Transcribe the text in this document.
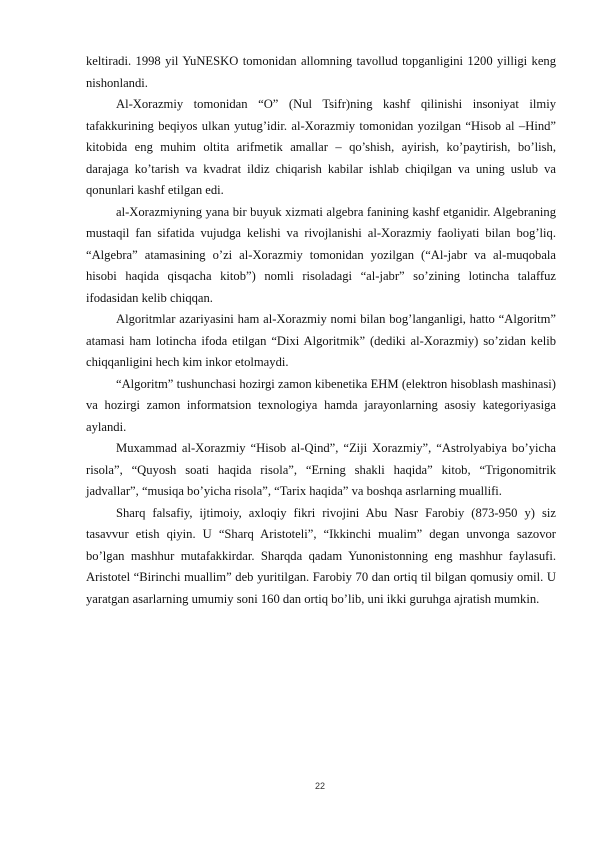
keltiradi. 1998 yil YuNESKO tomonidan allomning tavollud topganligini 1200 yilligi keng nishonlandi.

Al-Xorazmiy tomonidan “O” (Nul Tsifr)ning kashf qilinishi insoniyat ilmiy tafakkurining beqiyos ulkan yutug’idir. al-Xorazmiy tomonidan yozilgan “Hisob al –Hind” kitobida eng muhim oltita arifmetik amallar – qo’shish, ayirish, ko’paytirish, bo’lish, darajaga ko’tarish va kvadrat ildiz chiqarish kabilar ishlab chiqilgan va uning uslub va qonunlari kashf etilgan edi.

al-Xorazmiyning yana bir buyuk xizmati algebra fanining kashf etganidir. Algebraning mustaqil fan sifatida vujudga kelishi va rivojlanishi al-Xorazmiy faoliyati bilan bog’liq. “Algebra” atamasining o’zi al-Xorazmiy tomonidan yozilgan (“Al-jabr va al-muqobala hisobi haqida qisqacha kitob”) nomli risoladagi “al-jabr” so’zining lotincha talaffuz ifodasidan kelib chiqqan.

Algoritmlar azariyasini ham al-Xorazmiy nomi bilan bog’langanligi, hatto “Algoritm” atamasi ham lotincha ifoda etilgan “Dixi Algoritmik” (dediki al-Xorazmiy) so’zidan kelib chiqqanligini hech kim inkor etolmaydi.

“Algoritm” tushunchasi hozirgi zamon kibenetika EHM (elektron hisoblash mashinasi) va hozirgi zamon informatsion texnologiya hamda jarayonlarning asosiy kategoriyasiga aylandi.

Muxammad al-Xorazmiy “Hisob al-Qind”, “Ziji Xorazmiy”, “Astrolyabiya bo’yicha risola”, “Quyosh soati haqida risola”, “Erning shakli haqida” kitob, “Trigonomitrik jadvallar”, “musiqa bo’yicha risola”, “Tarix haqida” va boshqa asrlarning muallifi.

Sharq falsafiy, ijtimoiy, axloqiy fikri rivojini Abu Nasr Farobiy (873-950 y) siz tasavvur etish qiyin. U “Sharq Aristoteli”, “Ikkinchi mualim” degan unvonga sazovor bo’lgan mashhur mutafakkirdar. Sharqda qadam Yunonistonning eng mashhur faylasufi. Aristotel “Birinchi muallim” deb yuritilgan. Farobiy 70 dan ortiq til bilgan qomusiy omil. U yaratgan asarlarning umumiy soni 160 dan ortiq bo’lib, uni ikki guruhga ajratish mumkin.

22
